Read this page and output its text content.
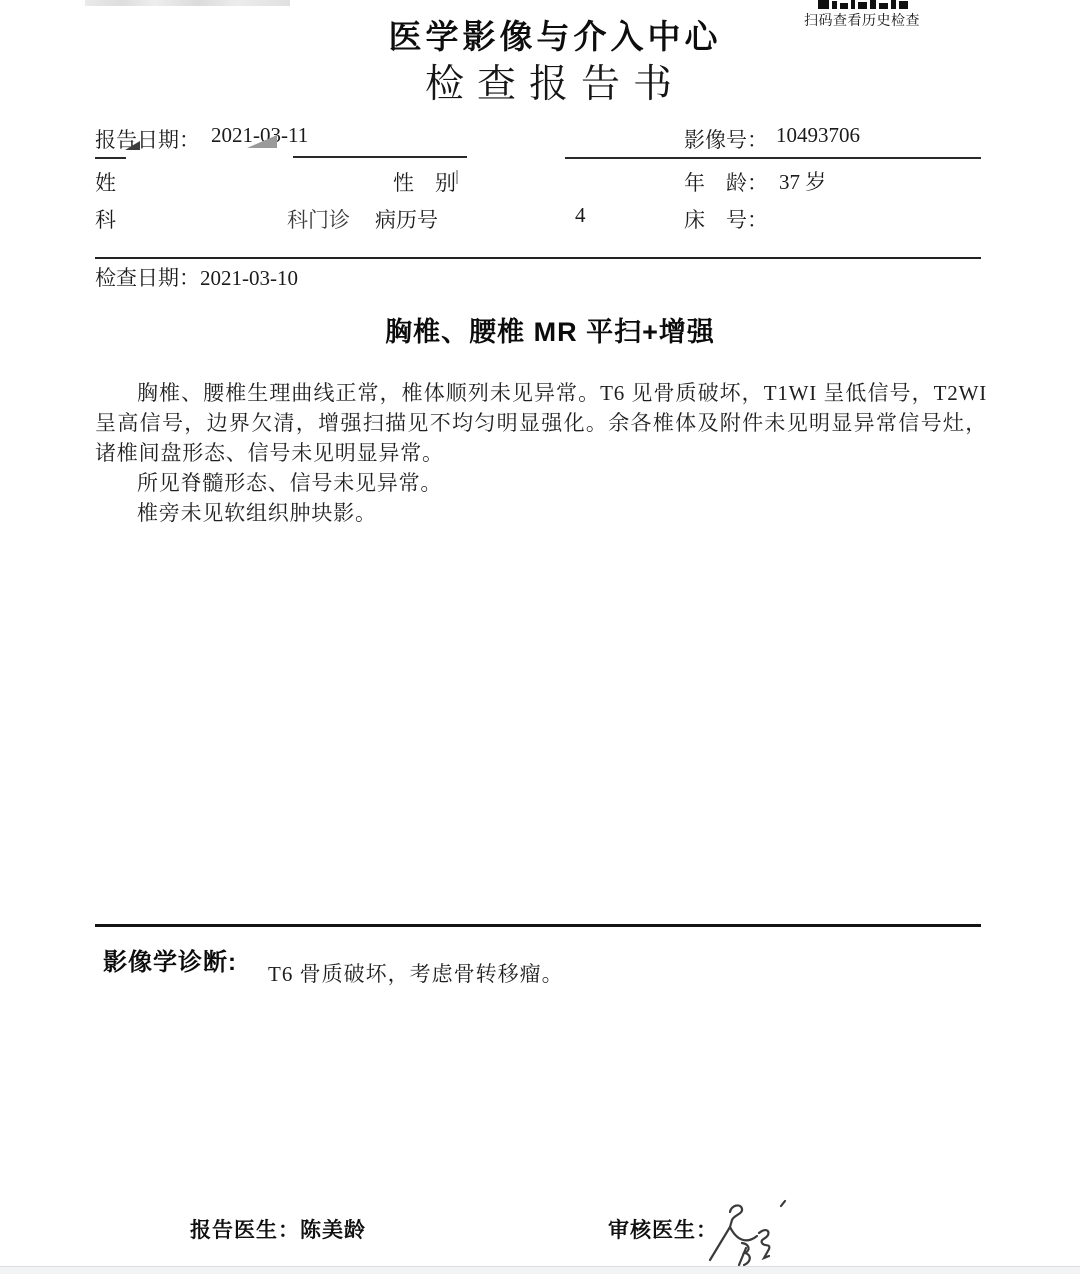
扫码查看历史检查
医学影像与介入中心
检查报告书
报告日期： 2021-03-11	影像号： 10493706
姓	性　别	年　龄： 37 岁
科	科门诊 病历号	4	床　号：
检查日期：2021-03-10
胸椎、腰椎 MR 平扫+增强

胸椎、腰椎生理曲线正常，椎体顺列未见异常。T6 见骨质破坏，T1WI 呈低信号，T2WI 呈高信号，边界欠清，增强扫描见不均匀明显强化。余各椎体及附件未见明显异常信号灶，诸椎间盘形态、信号未见明显异常。

所见脊髓形态、信号未见异常。

椎旁未见软组织肿块影。

影像学诊断: T6 骨质破坏，考虑骨转移瘤。
报告医生：陈美龄	审核医生：
